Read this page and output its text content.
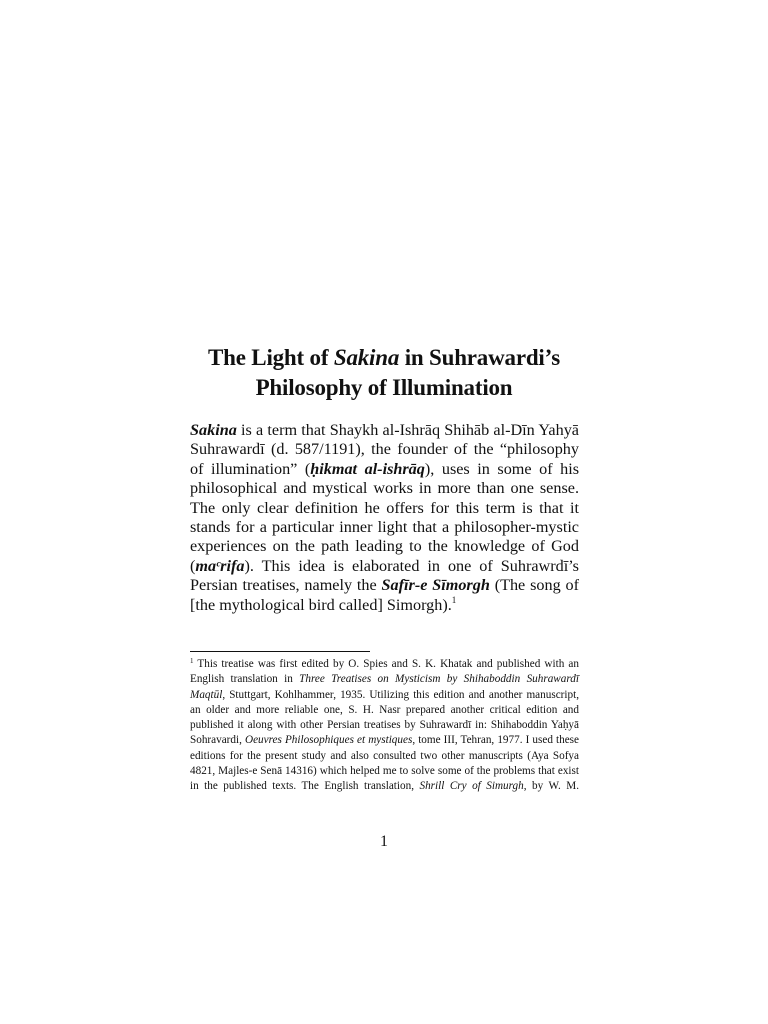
The Light of Sakina in Suhrawardi’s
Philosophy of Illumination
Sakina is a term that Shaykh al-Ishrāq Shihāb al-Dīn Yahyā Suhrawardī (d. 587/1191), the founder of the “philosophy of illumination” (ḥikmat al-ishrāq), uses in some of his philosophical and mystical works in more than one sense. The only clear definition he offers for this term is that it stands for a particular inner light that a philosopher-mystic experiences on the path leading to the knowledge of God (maᶜrifa). This idea is elaborated in one of Suhrawrdī’s Persian treatises, namely the Safīr-e Sīmorgh (The song of [the mythological bird called] Simorgh).$^1$
$^1$ This treatise was first edited by O. Spies and S. K. Khatak and published with an English translation in Three Treatises on Mysticism by Shihaboddin Suhrawardī Maqtūl, Stuttgart, Kohlhammer, 1935. Utilizing this edition and another manuscript, an older and more reliable one, S. H. Nasr prepared another critical edition and published it along with other Persian treatises by Suhrawardī in: Shihaboddin Yaḥyā Sohravardi, Oeuvres Philosophiques et mystiques, tome III, Tehran, 1977. I used these editions for the present study and also consulted two other manuscripts (Aya Sofya 4821, Majles-e Senā 14316) which helped me to solve some of the problems that exist in the published texts. The English translation, Shrill Cry of Simurgh, by W. M.
1
